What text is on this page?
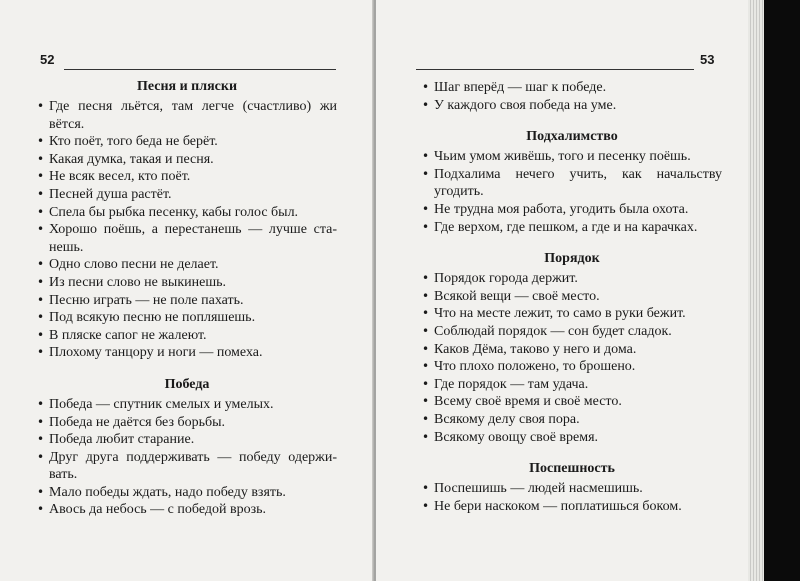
52
Песня и пляски
• Где песня льётся, там легче (счастливо) жи вётся.
• Кто поёт, того беда не берёт.
• Какая думка, такая и песня.
• Не всяк весел, кто поёт.
• Песней душа растёт.
• Спела бы рыбка песенку, кабы голос был.
• Хорошо поёшь, а перестанешь — лучше ста- нешь.
• Одно слово песни не делает.
• Из песни слово не выкинешь.
• Песню играть — не поле пахать.
• Под всякую песню не попляшешь.
• В пляске сапог не жалеют.
• Плохому танцору и ноги — помеха.
Победа
• Победа — спутник смелых и умелых.
• Победа не даётся без борьбы.
• Победа любит старание.
• Друг друга поддерживать — победу одержи- вать.
• Мало победы ждать, надо победу взять.
• Авось да небось — с победой врозь.
53
• Шаг вперёд — шаг к победе.
• У каждого своя победа на уме.
Подхалимство
• Чьим умом живёшь, того и песенку поёшь.
• Подхалима нечего учить, как начальству угодить.
• Не трудна моя работа, угодить была охота.
• Где верхом, где пешком, а где и на карачках.
Порядок
• Порядок города держит.
• Всякой вещи — своё место.
• Что на месте лежит, то само в руки бежит.
• Соблюдай порядок — сон будет сладок.
• Каков Дёма, таково у него и дома.
• Что плохо положено, то брошено.
• Где порядок — там удача.
• Всему своё время и своё место.
• Всякому делу своя пора.
• Всякому овощу своё время.
Поспешность
• Поспешишь — людей насмешишь.
• Не бери наскоком — поплатишься боком.
